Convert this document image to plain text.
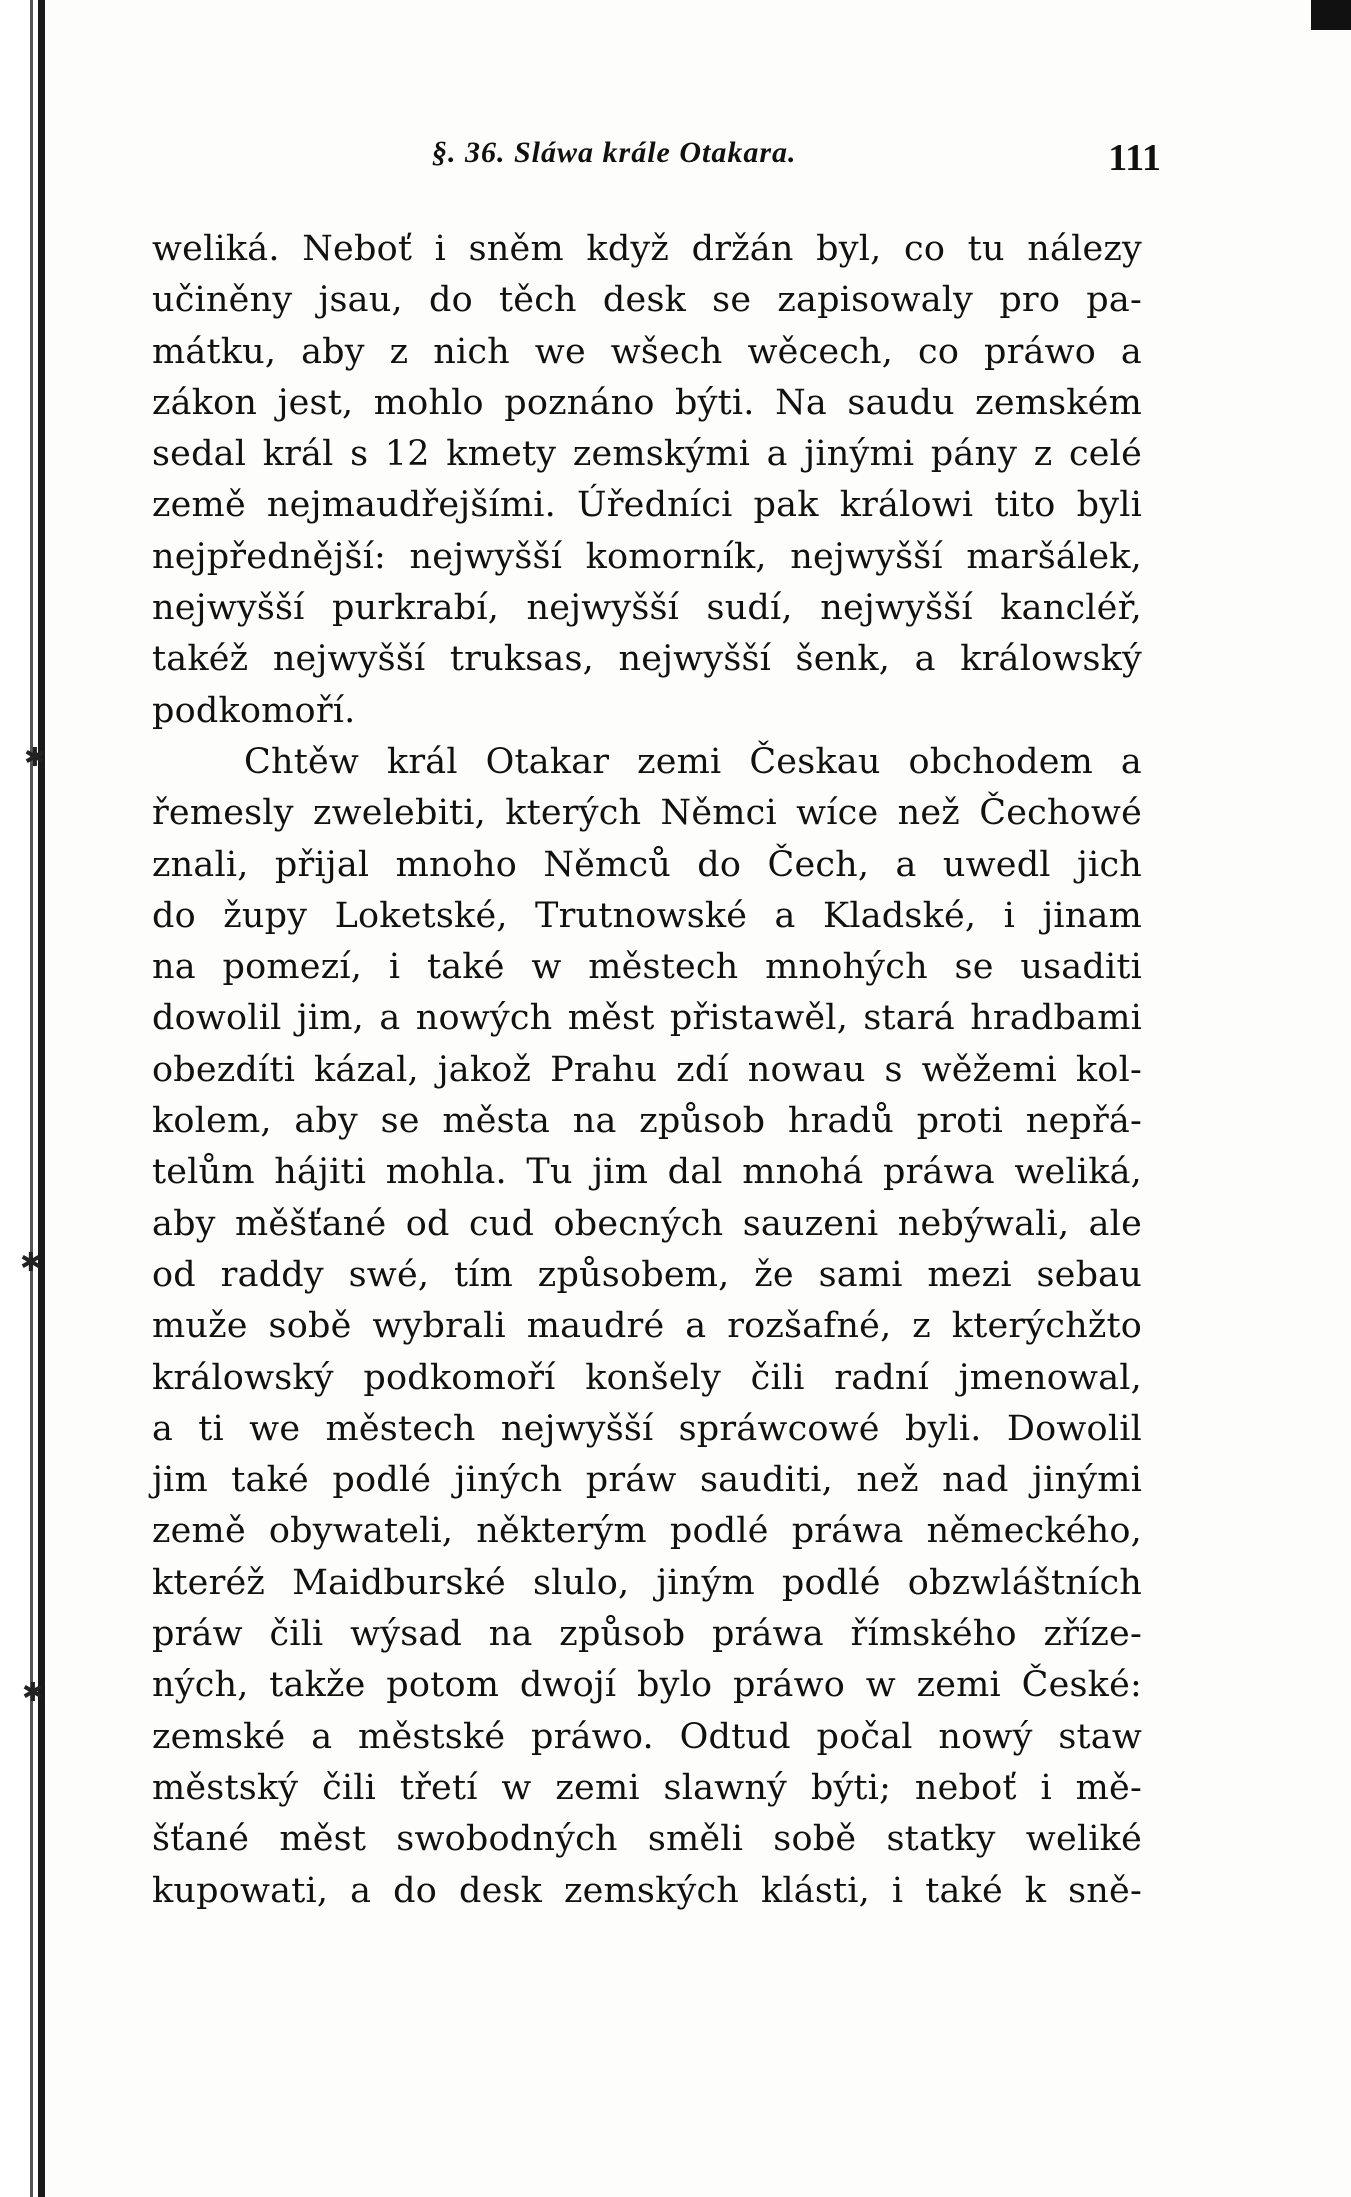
✱
✱
✱
§. 36. Sláwa krále Otakara.	111
weliká. Neboť i sněm když držán byl, co tu nálezy
učiněny jsau, do těch desk se zapisowaly pro pa-
mátku, aby z nich we wšech wěcech, co práwo a
zákon jest, mohlo poznáno býti. Na saudu zemském
sedal král s 12 kmety zemskými a jinými pány z celé
země nejmaudřejšími. Úředníci pak králowi tito byli
nejpřednější: nejwyšší komorník, nejwyšší maršálek,
nejwyšší purkrabí, nejwyšší sudí, nejwyšší kancléř,
takéž nejwyšší truksas, nejwyšší šenk, a králowský
podkomoří.
Chtěw král Otakar zemi Českau obchodem a
řemesly zwelebiti, kterých Němci wíce než Čechowé
znali, přijal mnoho Němců do Čech, a uwedl jich
do župy Loketské, Trutnowské a Kladské, i jinam
na pomezí, i také w městech mnohých se usaditi
dowolil jim, a nowých měst přistawěl, stará hradbami
obezdíti kázal, jakož Prahu zdí nowau s wěžemi kol-
kolem, aby se města na způsob hradů proti nepřá-
telům hájiti mohla. Tu jim dal mnohá práwa weliká,
aby měšťané od cud obecných sauzeni nebýwali, ale
od raddy swé, tím způsobem, že sami mezi sebau
muže sobě wybrali maudré a rozšafné, z kterýchžto
králowský podkomoří konšely čili radní jmenowal,
a ti we městech nejwyšší spráwcowé byli. Dowolil
jim také podlé jiných práw sauditi, než nad jinými
země obywateli, některým podlé práwa německého,
kteréž Maidburské slulo, jiným podlé obzwláštních
práw čili wýsad na způsob práwa římského zřízе-
ných, takže potom dwojí bylo práwo w zemi České:
zemské a městské práwo. Odtud počal nowý staw
městský čili třetí w zemi slawný býti; neboť i mě-
šťané měst swobodných směli sobě statky weliké
kupowati, a do desk zemských klásti, i také k sně-
